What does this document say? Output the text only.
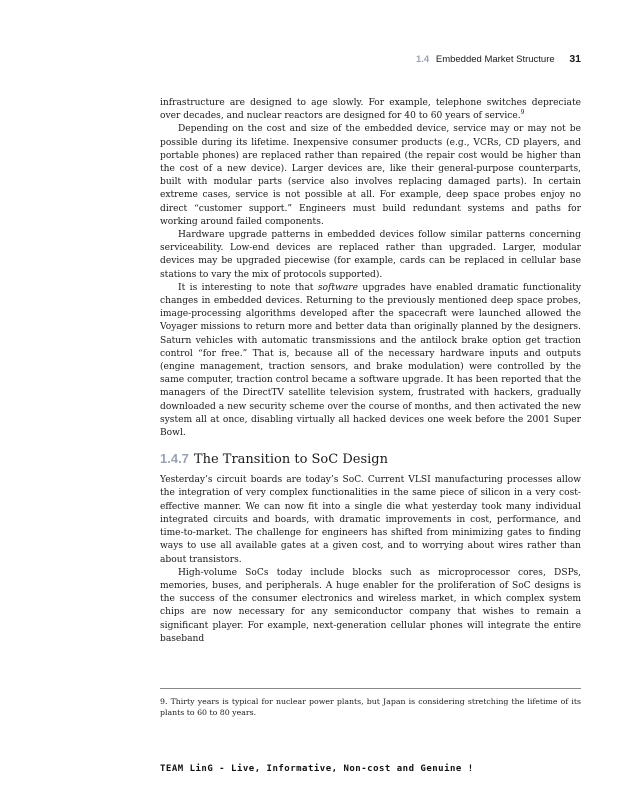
1.4 Embedded Market Structure 31

infrastructure are designed to age slowly. For example, telephone switches depreciate over decades, and nuclear reactors are designed for 40 to 60 years of service.$^9$

Depending on the cost and size of the embedded device, service may or may not be possible during its lifetime. Inexpensive consumer products (e.g., VCRs, CD players, and portable phones) are replaced rather than repaired (the repair cost would be higher than the cost of a new device). Larger devices are, like their general-purpose counterparts, built with modular parts (service also involves replacing damaged parts). In certain extreme cases, service is not possible at all. For example, deep space probes enjoy no direct “customer support.” Engineers must build redundant systems and paths for working around failed components.

Hardware upgrade patterns in embedded devices follow similar patterns concerning serviceability. Low-end devices are replaced rather than upgraded. Larger, modular devices may be upgraded piecewise (for example, cards can be replaced in cellular base stations to vary the mix of protocols supported).

It is interesting to note that software upgrades have enabled dramatic functionality changes in embedded devices. Returning to the previously mentioned deep space probes, image-processing algorithms developed after the spacecraft were launched allowed the Voyager missions to return more and better data than originally planned by the designers. Saturn vehicles with automatic transmissions and the antilock brake option get traction control “for free.” That is, because all of the necessary hardware inputs and outputs (engine management, traction sensors, and brake modulation) were controlled by the same computer, traction control became a software upgrade. It has been reported that the managers of the DirectTV satellite television system, frustrated with hackers, gradually downloaded a new security scheme over the course of months, and then activated the new system all at once, disabling virtually all hacked devices one week before the 2001 Super Bowl.

1.4.7 The Transition to SoC Design

Yesterday’s circuit boards are today’s SoC. Current VLSI manufacturing processes allow the integration of very complex functionalities in the same piece of silicon in a very cost-effective manner. We can now fit into a single die what yesterday took many individual integrated circuits and boards, with dramatic improvements in cost, performance, and time-to-market. The challenge for engineers has shifted from minimizing gates to finding ways to use all available gates at a given cost, and to worrying about wires rather than about transistors.

High-volume SoCs today include blocks such as microprocessor cores, DSPs, memories, buses, and peripherals. A huge enabler for the proliferation of SoC designs is the success of the consumer electronics and wireless market, in which complex system chips are now necessary for any semiconductor company that wishes to remain a significant player. For example, next-generation cellular phones will integrate the entire baseband

9. Thirty years is typical for nuclear power plants, but Japan is considering stretching the lifetime of its plants to 60 to 80 years.
TEAM LinG - Live, Informative, Non-cost and Genuine !
